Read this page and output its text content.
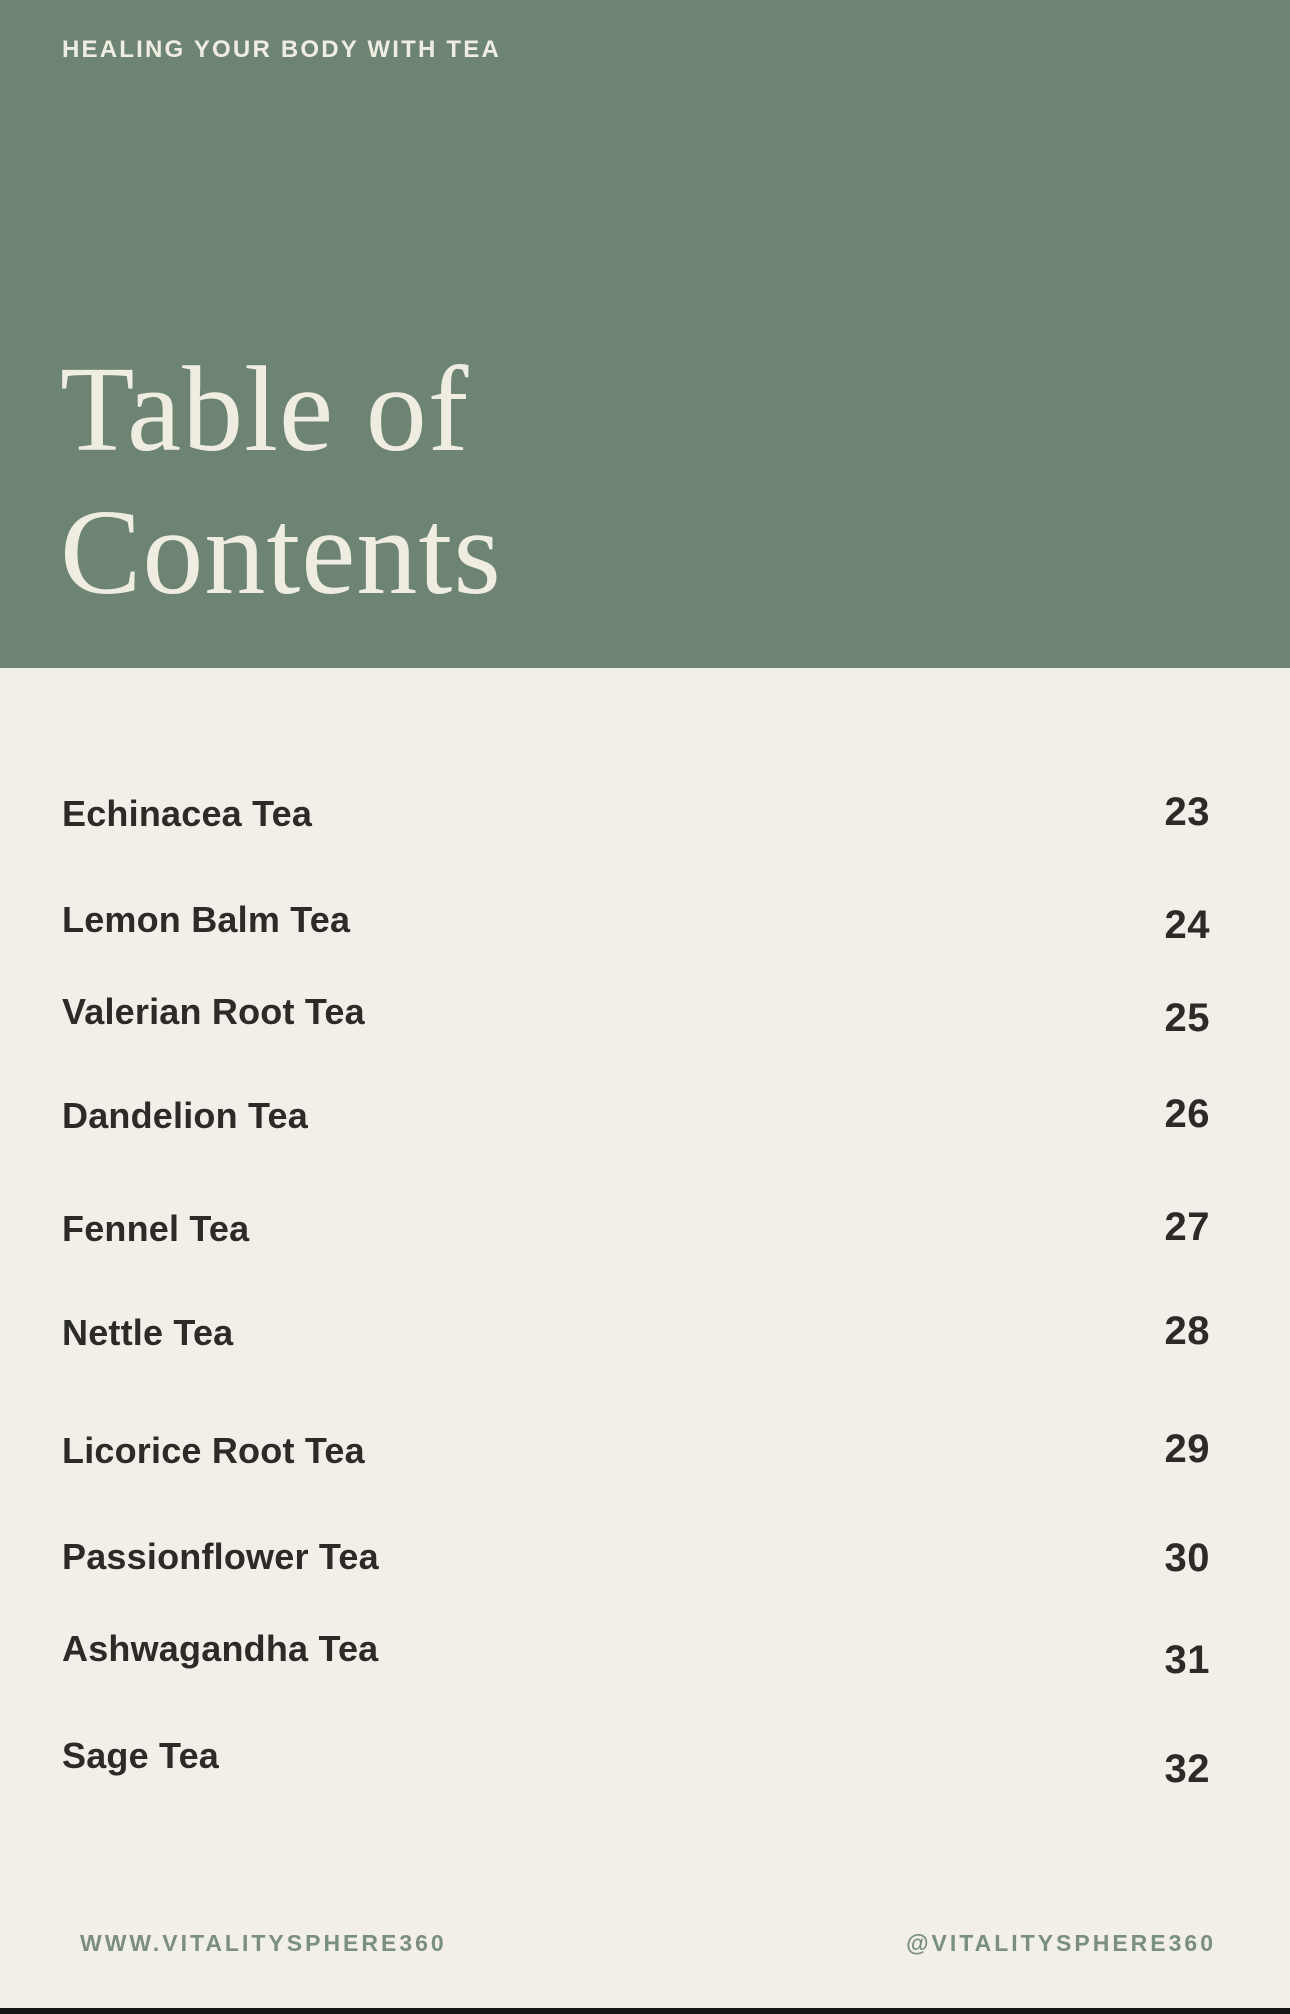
HEALING YOUR BODY WITH TEA
Table of
Contents
Echinacea Tea	23
Lemon Balm Tea	24
Valerian Root Tea	25
Dandelion Tea	26
Fennel Tea	27
Nettle Tea	28
Licorice Root Tea	29
Passionflower Tea	30
Ashwagandha Tea	31
Sage Tea	32
WWW.VITALITYSPHERE360	@VITALITYSPHERE360
